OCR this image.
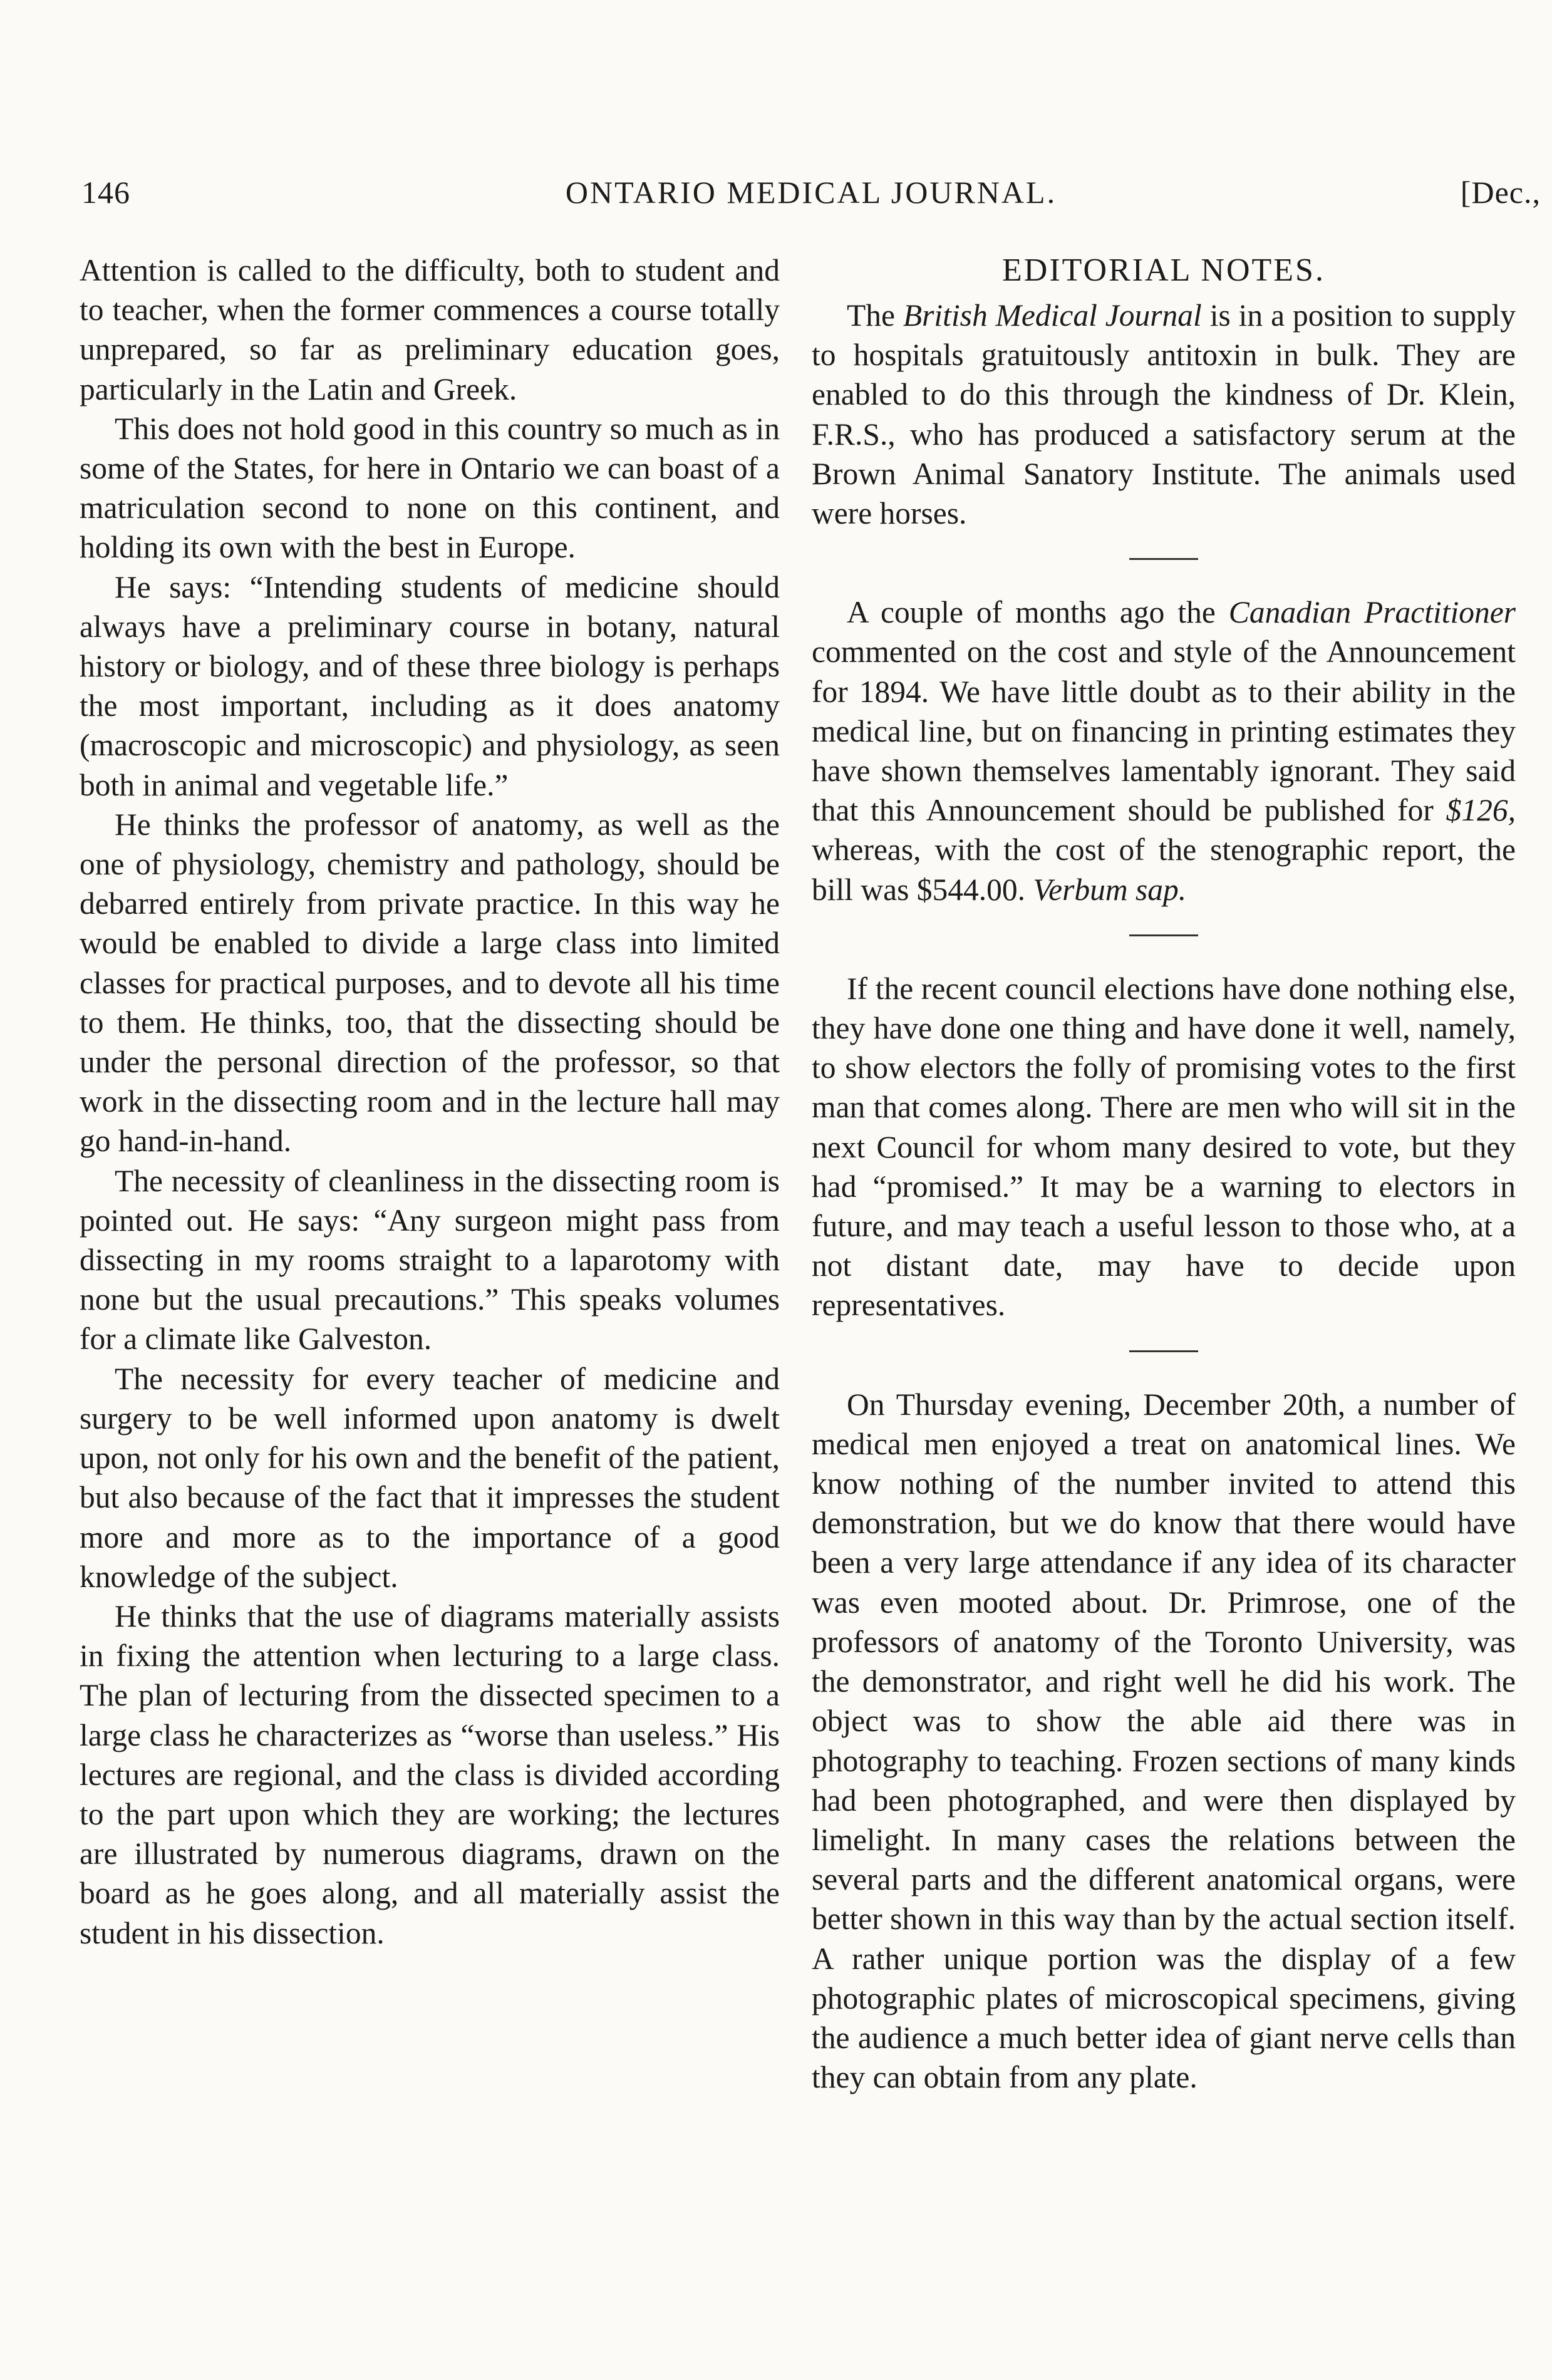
146	ONTARIO MEDICAL JOURNAL.	[Dec.,

Attention is called to the difficulty, both to student and to teacher, when the former commences a course totally unprepared, so far as preliminary education goes, particularly in the Latin and Greek.

This does not hold good in this country so much as in some of the States, for here in Ontario we can boast of a matriculation second to none on this continent, and holding its own with the best in Europe.

He says: “Intending students of medicine should always have a preliminary course in botany, natural history or biology, and of these three biology is perhaps the most important, including as it does anatomy (macroscopic and microscopic) and physiology, as seen both in animal and vegetable life.”

He thinks the professor of anatomy, as well as the one of physiology, chemistry and pathology, should be debarred entirely from private practice. In this way he would be enabled to divide a large class into limited classes for practical purposes, and to devote all his time to them. He thinks, too, that the dissecting should be under the personal direction of the professor, so that work in the dissecting room and in the lecture hall may go hand-in-hand.

The necessity of cleanliness in the dissecting room is pointed out. He says: “Any surgeon might pass from dissecting in my rooms straight to a laparotomy with none but the usual precautions.” This speaks volumes for a climate like Galveston.

The necessity for every teacher of medicine and surgery to be well informed upon anatomy is dwelt upon, not only for his own and the benefit of the patient, but also because of the fact that it impresses the student more and more as to the importance of a good knowledge of the subject.

He thinks that the use of diagrams materially assists in fixing the attention when lecturing to a large class. The plan of lecturing from the dissected specimen to a large class he characterizes as “worse than useless.” His lectures are regional, and the class is divided according to the part upon which they are working; the lectures are illustrated by numerous diagrams, drawn on the board as he goes along, and all materially assist the student in his dissection.

EDITORIAL NOTES.

The British Medical Journal is in a position to supply to hospitals gratuitously antitoxin in bulk. They are enabled to do this through the kindness of Dr. Klein, F.R.S., who has produced a satisfactory serum at the Brown Animal Sanatory Institute. The animals used were horses.

A couple of months ago the Canadian Practitioner commented on the cost and style of the Announcement for 1894. We have little doubt as to their ability in the medical line, but on financing in printing estimates they have shown themselves lamentably ignorant. They said that this Announcement should be published for $126, whereas, with the cost of the stenographic report, the bill was $544.00. Verbum sap.

If the recent council elections have done nothing else, they have done one thing and have done it well, namely, to show electors the folly of promising votes to the first man that comes along. There are men who will sit in the next Council for whom many desired to vote, but they had “promised.” It may be a warning to electors in future, and may teach a useful lesson to those who, at a not distant date, may have to decide upon representatives.

On Thursday evening, December 20th, a number of medical men enjoyed a treat on anatomical lines. We know nothing of the number invited to attend this demonstration, but we do know that there would have been a very large attendance if any idea of its character was even mooted about. Dr. Primrose, one of the professors of anatomy of the Toronto University, was the demonstrator, and right well he did his work. The object was to show the able aid there was in photography to teaching. Frozen sections of many kinds had been photographed, and were then displayed by limelight. In many cases the relations between the several parts and the different anatomical organs, were better shown in this way than by the actual section itself. A rather unique portion was the display of a few photographic plates of microscopical specimens, giving the audience a much better idea of giant nerve cells than they can obtain from any plate.
